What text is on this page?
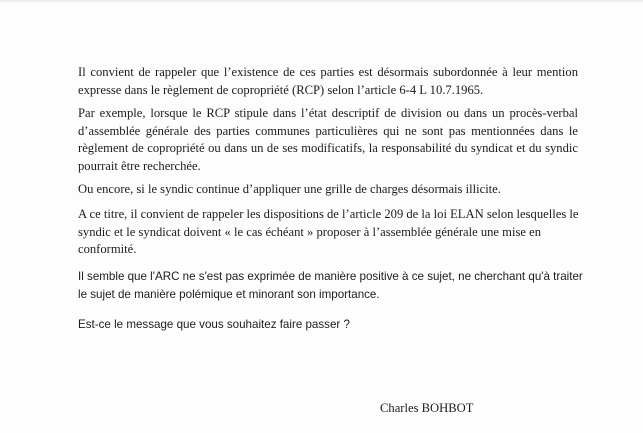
Il convient de rappeler que l’existence de ces parties est désormais subordonnée à leur mention expresse dans le règlement de copropriété (RCP) selon l’article 6-4 L 10.7.1965.

Par exemple, lorsque le RCP stipule dans l’état descriptif de division ou dans un procès-verbal d’assemblée générale des parties communes particulières qui ne sont pas mentionnées dans le règlement de copropriété ou dans un de ses modificatifs, la responsabilité du syndicat et du syndic pourrait être recherchée.

Ou encore, si le syndic continue d’appliquer une grille de charges désormais illicite.

A ce titre, il convient de rappeler les dispositions de l’article 209 de la loi ELAN selon lesquelles le syndic et le syndicat doivent « le cas échéant » proposer à l’assemblée générale une mise en conformité.

Il semble que l'ARC ne s'est pas exprimée de manière positive à ce sujet, ne cherchant qu'à traiter le sujet de manière polémique et minorant son importance.

Est-ce le message que vous souhaitez faire passer ?

Charles BOHBOT
